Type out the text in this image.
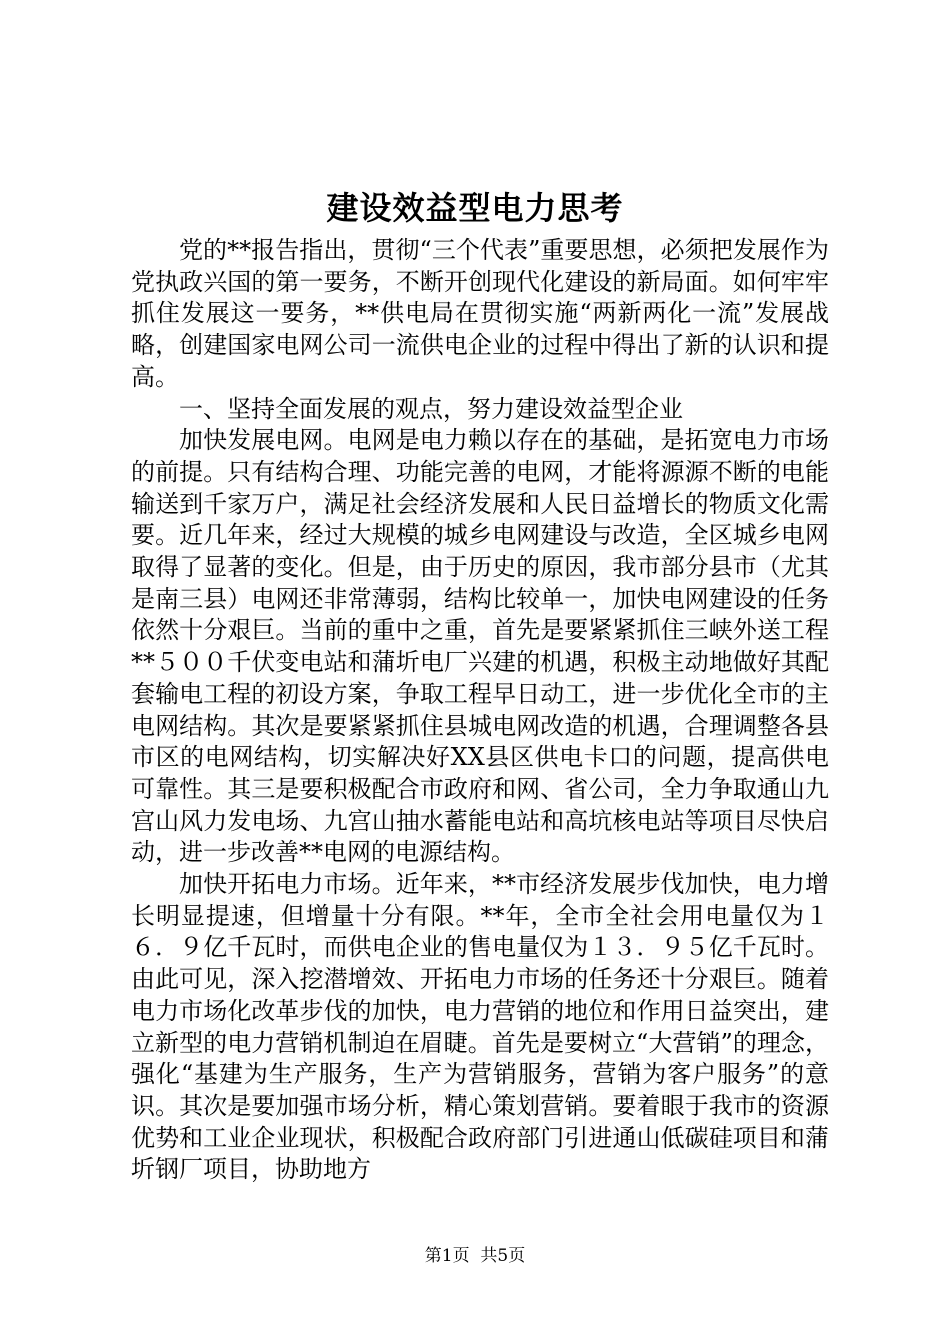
建设效益型电力思考

党的**报告指出，贯彻“三个代表”重要思想，必须把发展作为党执政兴国的第一要务，不断开创现代化建设的新局面。如何牢牢抓住发展这一要务，**供电局在贯彻实施“两新两化一流”发展战略，创建国家电网公司一流供电企业的过程中得出了新的认识和提高。

一、坚持全面发展的观点，努力建设效益型企业

加快发展电网。电网是电力赖以存在的基础，是拓宽电力市场的前提。只有结构合理、功能完善的电网，才能将源源不断的电能输送到千家万户，满足社会经济发展和人民日益增长的物质文化需要。近几年来，经过大规模的城乡电网建设与改造，全区城乡电网取得了显著的变化。但是，由于历史的原因，我市部分县市（尤其是南三县）电网还非常薄弱，结构比较单一，加快电网建设的任务依然十分艰巨。当前的重中之重，首先是要紧紧抓住三峡外送工程**５００千伏变电站和蒲圻电厂兴建的机遇，积极主动地做好其配套输电工程的初设方案，争取工程早日动工，进一步优化全市的主电网结构。其次是要紧紧抓住县城电网改造的机遇，合理调整各县市区的电网结构，切实解决好XX县区供电卡口的问题，提高供电可靠性。其三是要积极配合市政府和网、省公司，全力争取通山九宫山风力发电场、九宫山抽水蓄能电站和高坑核电站等项目尽快启动，进一步改善**电网的电源结构。

加快开拓电力市场。近年来，**市经济发展步伐加快，电力增长明显提速，但增量十分有限。**年，全市全社会用电量仅为１６．９亿千瓦时，而供电企业的售电量仅为１３．９５亿千瓦时。由此可见，深入挖潜增效、开拓电力市场的任务还十分艰巨。随着电力市场化改革步伐的加快，电力营销的地位和作用日益突出，建立新型的电力营销机制迫在眉睫。首先是要树立“大营销”的理念，强化“基建为生产服务，生产为营销服务，营销为客户服务”的意识。其次是要加强市场分析，精心策划营销。要着眼于我市的资源优势和工业企业现状，积极配合政府部门引进通山低碳硅项目和蒲圻钢厂项目，协助地方

第1页 共5页
